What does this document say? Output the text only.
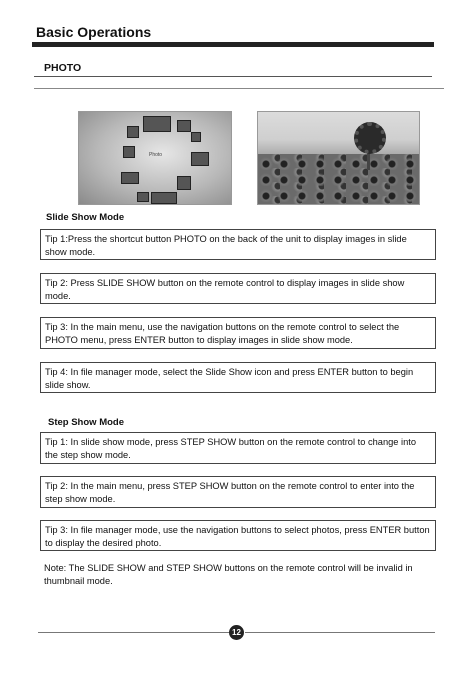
Basic Operations
PHOTO
Photo
Slide Show Mode
Tip 1:Press the shortcut button PHOTO on the back of the unit to display images in slide show mode.
Tip 2: Press SLIDE SHOW button on the remote control to display images in slide show mode.
Tip 3: In the main menu, use the navigation buttons on the remote control to select the PHOTO menu, press ENTER button to display images in slide show mode.
Tip 4: In file manager mode, select the Slide Show icon and press ENTER button to begin slide show.
Step Show Mode
Tip 1: In slide show mode, press STEP SHOW button on the remote control to change into the step show mode.
Tip 2: In the main menu, press STEP SHOW button on the remote control to enter into the step show mode.
Tip 3: In file manager mode, use the navigation buttons to select photos, press ENTER button to display the desired photo.
Note: The SLIDE SHOW and STEP SHOW buttons on the remote control will be invalid in thumbnail mode.
12
